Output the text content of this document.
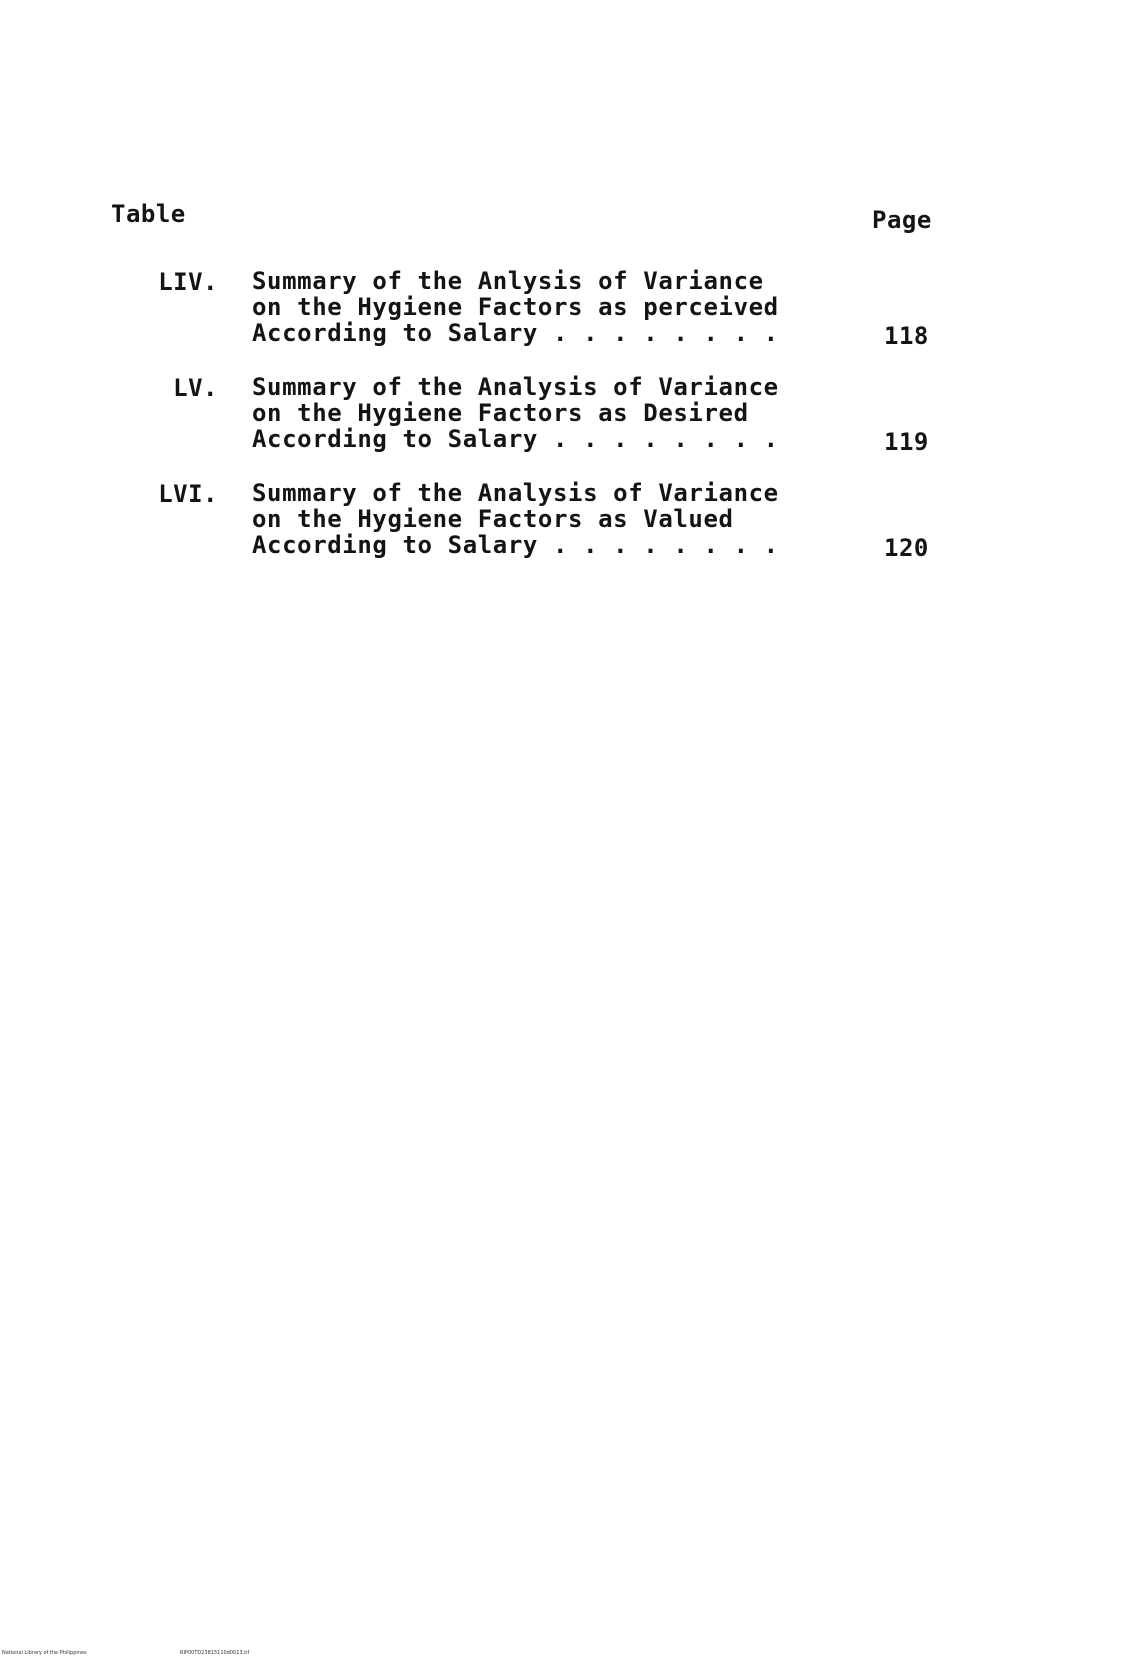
Table	Page
LIV. Summary of the Anlysis of Variance
on the Hygiene Factors as perceived
According to Salary . . . . . . . .	118
LV. Summary of the Analysis of Variance
on the Hygiene Factors as Desired
According to Salary . . . . . . . .	119
LVI. Summary of the Analysis of Variance
on the Hygiene Factors as Valued
According to Salary . . . . . . . .	120
National Library of the Philippines	RIP00TD23815110d0013.tif
